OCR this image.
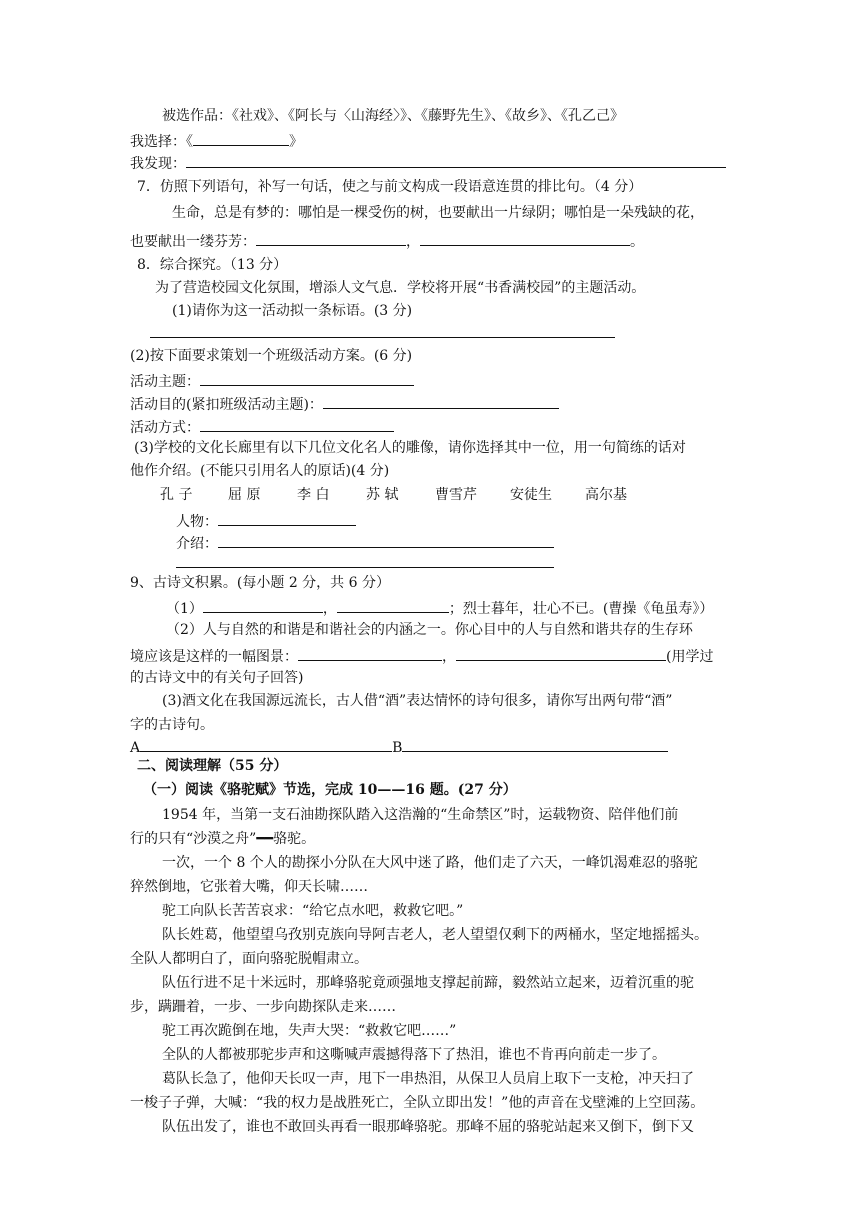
被选作品：《社戏》、《阿长与〈山海经〉》、《藤野先生》、《故乡》、《孔乙己》
我选择：《	》
我发现：
7．仿照下列语句，补写一句话，使之与前文构成一段语意连贯的排比句。（4 分）
生命，总是有梦的：哪怕是一棵受伤的树，也要献出一片绿阴；哪怕是一朵残缺的花，
也要献出一缕芬芳：	，	。
8．综合探究。（13 分）
为了营造校园文化氛围，增添人文气息．学校将开展“书香满校园”的主题活动。
(1)请你为这一活动拟一条标语。(3 分)
(2)按下面要求策划一个班级活动方案。(6 分)
活动主题：
活动目的(紧扣班级活动主题)：
活动方式：
(3)学校的文化长廊里有以下几位文化名人的雕像，请你选择其中一位，用一句简练的话对
他作介绍。(不能只引用名人的原话)(4 分)
孔 子	屈 原	李 白	苏 轼	曹雪芹 安徒生 高尔基
人物：
介绍：
9、古诗文积累。(每小题 2 分，共 6 分）
（1）	，	；烈士暮年，壮心不已。(曹操《龟虽寿》）
（2）人与自然的和谐是和谐社会的内涵之一。你心目中的人与自然和谐共存的生存环
境应该是这样的一幅图景：	，	(用学过
的古诗文中的有关句子回答)
(3)酒文化在我国源远流长，古人借“酒”表达情怀的诗句很多，请你写出两句带“酒”
字的古诗句。
A	B
二、阅读理解（55 分）
（一）阅读《骆驼赋》节选，完成 10——16 题。(27 分）
1954 年，当第一支石油勘探队踏入这浩瀚的“生命禁区”时，运载物资、陪伴他们前
行的只有“沙漠之舟”━━骆驼。
一次，一个 8 个人的勘探小分队在大风中迷了路，他们走了六天，一峰饥渴难忍的骆驼
猝然倒地，它张着大嘴，仰天长啸……
驼工向队长苦苦哀求：“给它点水吧，救救它吧。”
队长姓葛，他望望乌孜别克族向导阿吉老人，老人望望仅剩下的两桶水，坚定地摇摇头。
全队人都明白了，面向骆驼脱帽肃立。
队伍行进不足十米远时，那峰骆驼竟顽强地支撑起前蹄，毅然站立起来，迈着沉重的驼
步，蹒跚着，一步、一步向勘探队走来……
驼工再次跪倒在地，失声大哭：“救救它吧……”
全队的人都被那驼步声和这嘶喊声震撼得落下了热泪，谁也不肯再向前走一步了。
葛队长急了，他仰天长叹一声，甩下一串热泪，从保卫人员肩上取下一支枪，冲天扫了
一梭子子弹，大喊：“我的权力是战胜死亡，全队立即出发！”他的声音在戈壁滩的上空回荡。
队伍出发了，谁也不敢回头再看一眼那峰骆驼。那峰不屈的骆驼站起来又倒下，倒下又
